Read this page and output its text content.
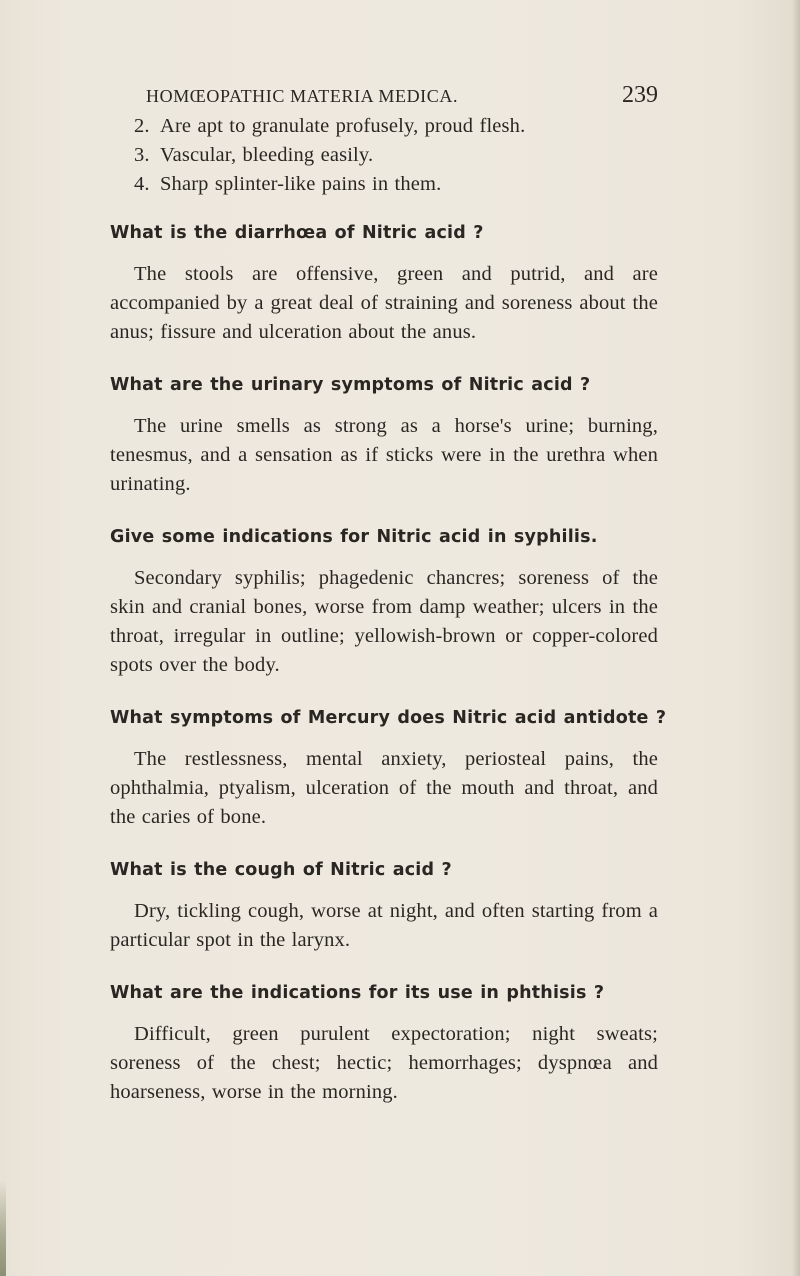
HOMŒOPATHIC MATERIA MEDICA.	239
2. Are apt to granulate profusely, proud flesh.
3. Vascular, bleeding easily.
4. Sharp splinter-like pains in them.

What is the diarrhœa of Nitric acid ?

The stools are offensive, green and putrid, and are accompanied by a great deal of straining and soreness about the anus; fissure and ulceration about the anus.

What are the urinary symptoms of Nitric acid ?

The urine smells as strong as a horse's urine; burning, tenesmus, and a sensation as if sticks were in the urethra when urinating.

Give some indications for Nitric acid in syphilis.

Secondary syphilis; phagedenic chancres; soreness of the skin and cranial bones, worse from damp weather; ulcers in the throat, irregular in outline; yellowish-brown or copper-colored spots over the body.

What symptoms of Mercury does Nitric acid antidote ?

The restlessness, mental anxiety, periosteal pains, the ophthalmia, ptyalism, ulceration of the mouth and throat, and the caries of bone.

What is the cough of Nitric acid ?

Dry, tickling cough, worse at night, and often starting from a particular spot in the larynx.

What are the indications for its use in phthisis ?

Difficult, green purulent expectoration; night sweats; soreness of the chest; hectic; hemorrhages; dyspnœa and hoarseness, worse in the morning.
